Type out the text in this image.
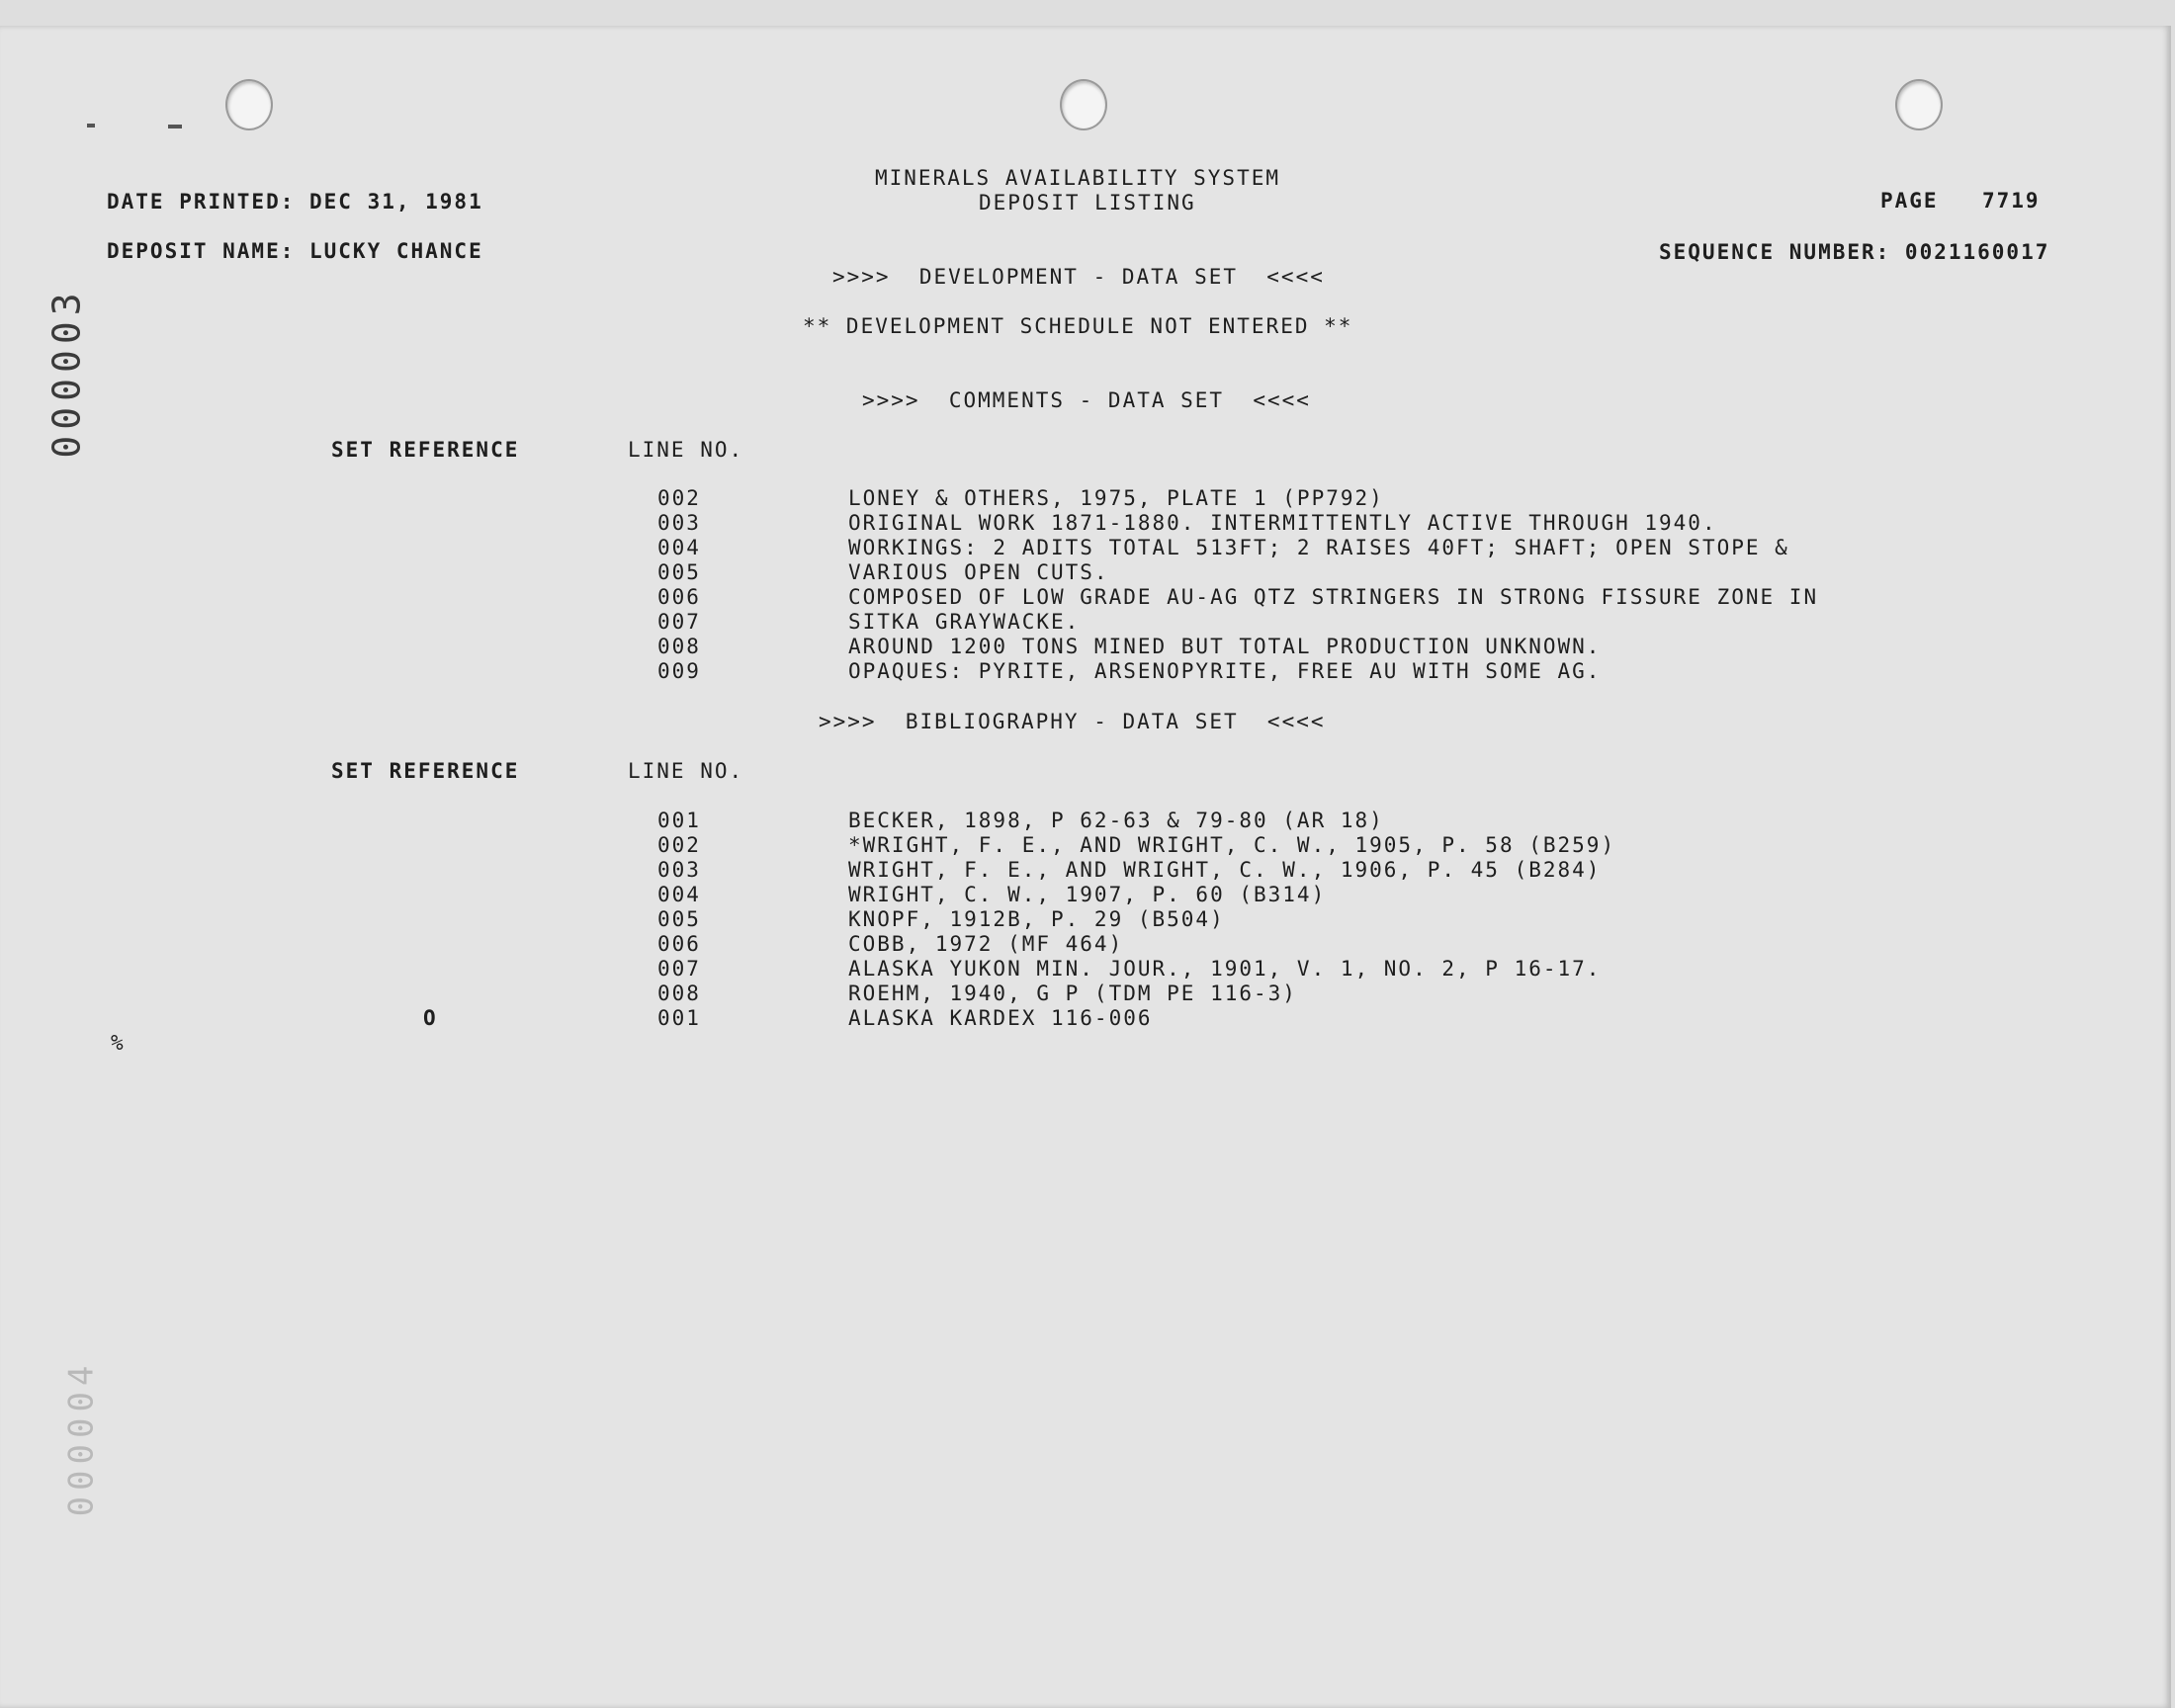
000003
000004
MINERALS AVAILABILITY SYSTEM
DEPOSIT LISTING
DATE PRINTED: DEC 31, 1981	PAGE 7719
DEPOSIT NAME: LUCKY CHANCE	SEQUENCE NUMBER: 0021160017
>>>>  DEVELOPMENT - DATA SET  <<<<
** DEVELOPMENT SCHEDULE NOT ENTERED **
>>>>  COMMENTS - DATA SET  <<<<
SET REFERENCE	LINE NO.
002	LONEY & OTHERS, 1975, PLATE 1 (PP792)
003	ORIGINAL WORK 1871-1880. INTERMITTENTLY ACTIVE THROUGH 1940.
004	WORKINGS: 2 ADITS TOTAL 513FT; 2 RAISES 40FT; SHAFT; OPEN STOPE &
005	VARIOUS OPEN CUTS.
006	COMPOSED OF LOW GRADE AU-AG QTZ STRINGERS IN STRONG FISSURE ZONE IN
007	SITKA GRAYWACKE.
008	AROUND 1200 TONS MINED BUT TOTAL PRODUCTION UNKNOWN.
009	OPAQUES: PYRITE, ARSENOPYRITE, FREE AU WITH SOME AG.
>>>>  BIBLIOGRAPHY - DATA SET  <<<<
SET REFERENCE	LINE NO.
001	BECKER, 1898, P 62-63 & 79-80 (AR 18)
002	*WRIGHT, F. E., AND WRIGHT, C. W., 1905, P. 58 (B259)
003	WRIGHT, F. E., AND WRIGHT, C. W., 1906, P. 45 (B284)
004	WRIGHT, C. W., 1907, P. 60 (B314)
005	KNOPF, 1912B, P. 29 (B504)
006	COBB, 1972 (MF 464)
007	ALASKA YUKON MIN. JOUR., 1901, V. 1, NO. 2, P 16-17.
008	ROEHM, 1940, G P (TDM PE 116-3)
O	001	ALASKA KARDEX 116-006
%
